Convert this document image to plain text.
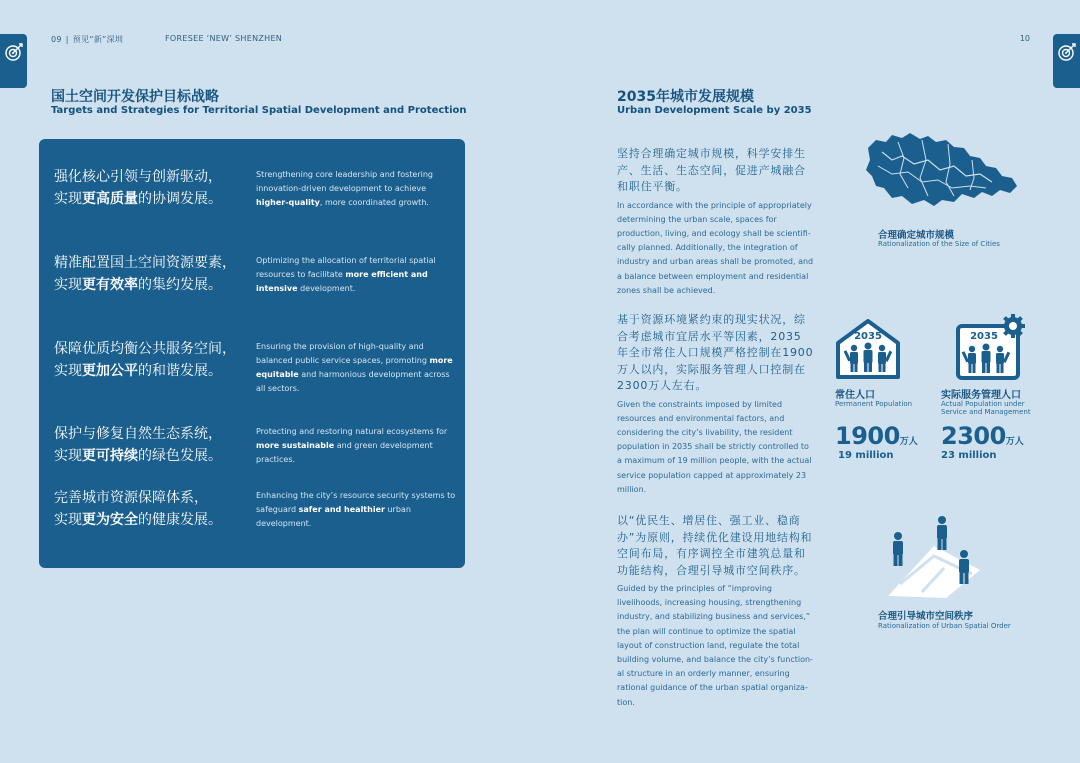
09 | 预见“新”深圳	FORESEE ‘NEW’ SHENZHEN	10
国土空间开发保护目标战略
Targets and Strategies for Territorial Spatial Development and Protection
强化核心引领与创新驱动，
实现更高质量的协调发展。
Strengthening core leadership and fostering innovation-driven development to achieve higher-quality, more coordinated growth.
精准配置国土空间资源要素，
实现更有效率的集约发展。
Optimizing the allocation of territorial spatial resources to facilitate more efficient and intensive development.
保障优质均衡公共服务空间，
实现更加公平的和谐发展。
Ensuring the provision of high-quality and balanced public service spaces, promoting more equitable and harmonious development across all sectors.
保护与修复自然生态系统，
实现更可持续的绿色发展。
Protecting and restoring natural ecosystems for more sustainable and green development practices.
完善城市资源保障体系，
实现更为安全的健康发展。
Enhancing the city’s resource security systems to safeguard safer and healthier urban development.
2035年城市发展规模
Urban Development Scale by 2035
坚持合理确定城市规模，科学安排生产、生活、生态空间，促进产城融合和职住平衡。
In accordance with the principle of appropriately determining the urban scale, spaces for production, living, and ecology shall be scientifi-cally planned. Additionally, the integration of industry and urban areas shall be promoted, and a balance between employment and residential zones shall be achieved.
基于资源环境紧约束的现实状况，综合考虑城市宜居水平等因素，2035 年全市常住人口规模严格控制在1900万人以内，实际服务管理人口控制在2300万人左右。
Given the constraints imposed by limited resources and environmental factors, and considering the city’s livability, the resident population in 2035 shall be strictly controlled to a maximum of 19 million people, with the actual service population capped at approximately 23 million.
以“优民生、增居住、强工业、稳商办”为原则，持续优化建设用地结构和空间布局，有序调控全市建筑总量和功能结构，合理引导城市空间秩序。
Guided by the principles of “improving livelihoods, increasing housing, strengthening industry, and stabilizing business and services,” the plan will continue to optimize the spatial layout of construction land, regulate the total building volume, and balance the city’s function-al structure in an orderly manner, ensuring rational guidance of the urban spatial organiza-tion.
合理确定城市规模
Rationalization of the Size of Cities
2035	2035
常住人口
Permanent Population
实际服务管理人口
Actual Population under Service and Management
1900万人
19 million
2300万人
23 million
合理引导城市空间秩序
Rationalization of Urban Spatial Order
